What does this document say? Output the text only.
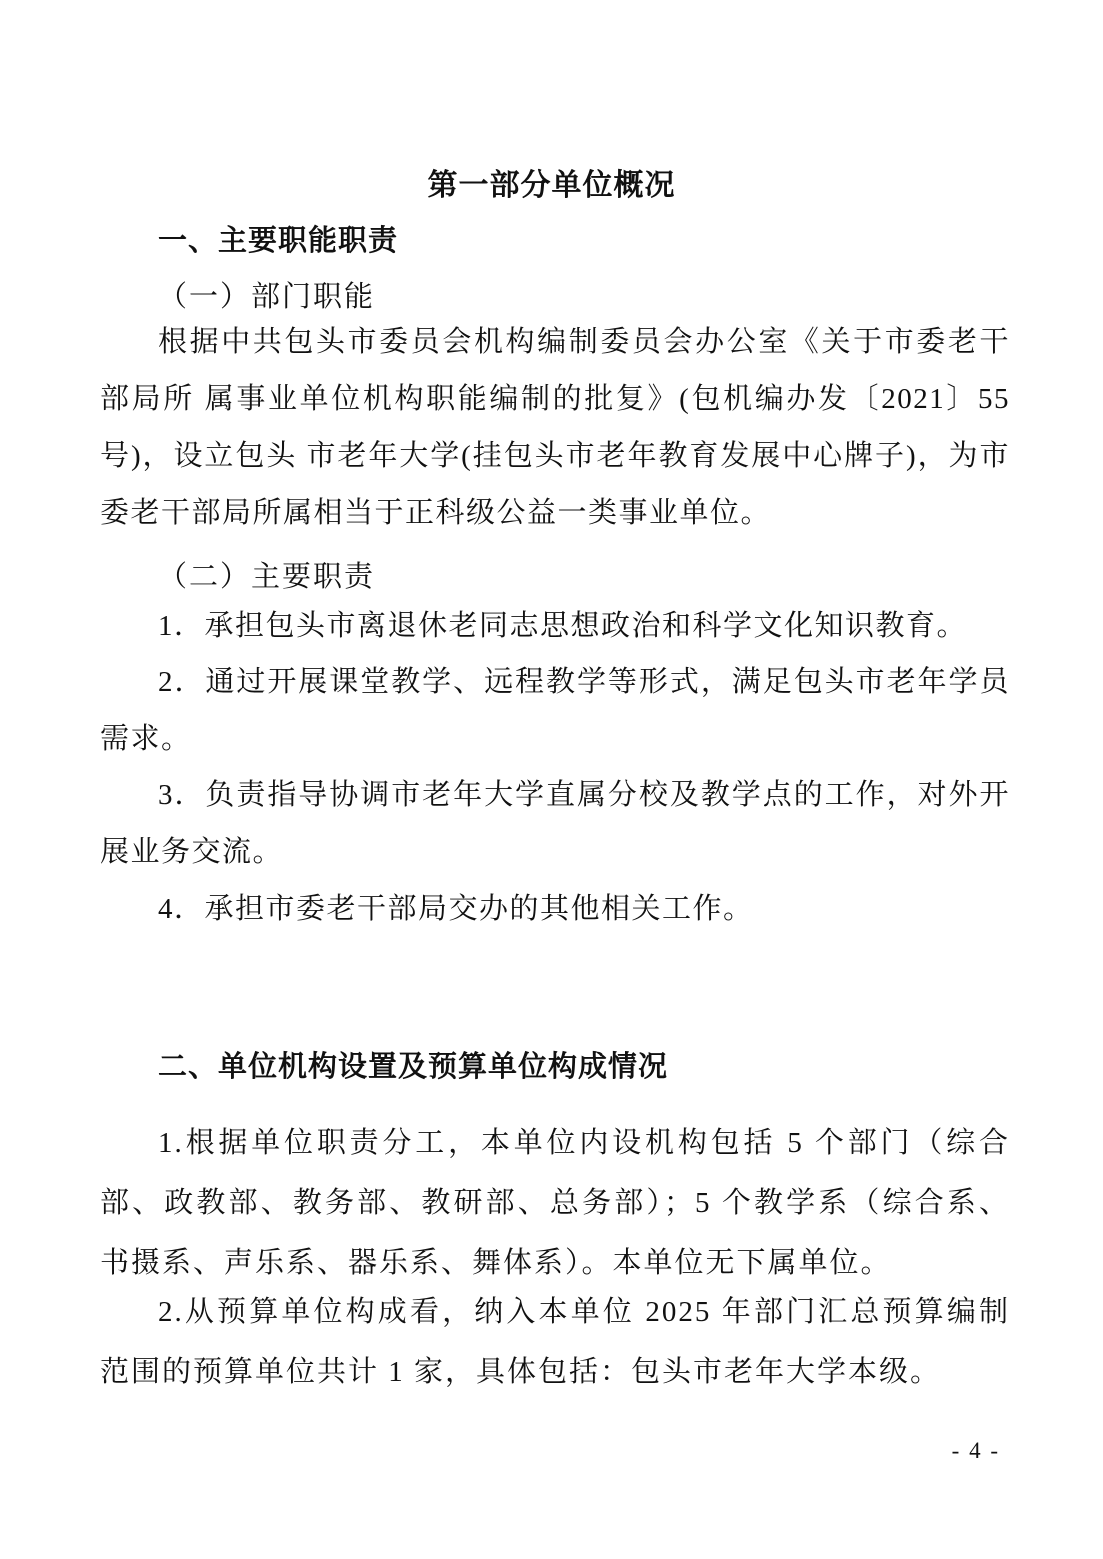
第一部分单位概况
一、主要职能职责
（一）部门职能
根据中共包头市委员会机构编制委员会办公室《关于市委老干部局所 属事业单位机构职能编制的批复》(包机编办发〔2021〕55 号)，设立包头 市老年大学(挂包头市老年教育发展中心牌子)，为市委老干部局所属相当于正科级公益一类事业单位。
（二）主要职责
1．承担包头市离退休老同志思想政治和科学文化知识教育。
2．通过开展课堂教学、远程教学等形式，满足包头市老年学员需求。
3．负责指导协调市老年大学直属分校及教学点的工作，对外开展业务交流。
4．承担市委老干部局交办的其他相关工作。
二、单位机构设置及预算单位构成情况
1.根据单位职责分工，本单位内设机构包括 5 个部门（综合部、政教部、教务部、教研部、总务部）；5 个教学系（综合系、书摄系、声乐系、器乐系、舞体系）。本单位无下属单位。
2.从预算单位构成看，纳入本单位 2025 年部门汇总预算编制范围的预算单位共计 1 家，具体包括：包头市老年大学本级。
- 4 -
